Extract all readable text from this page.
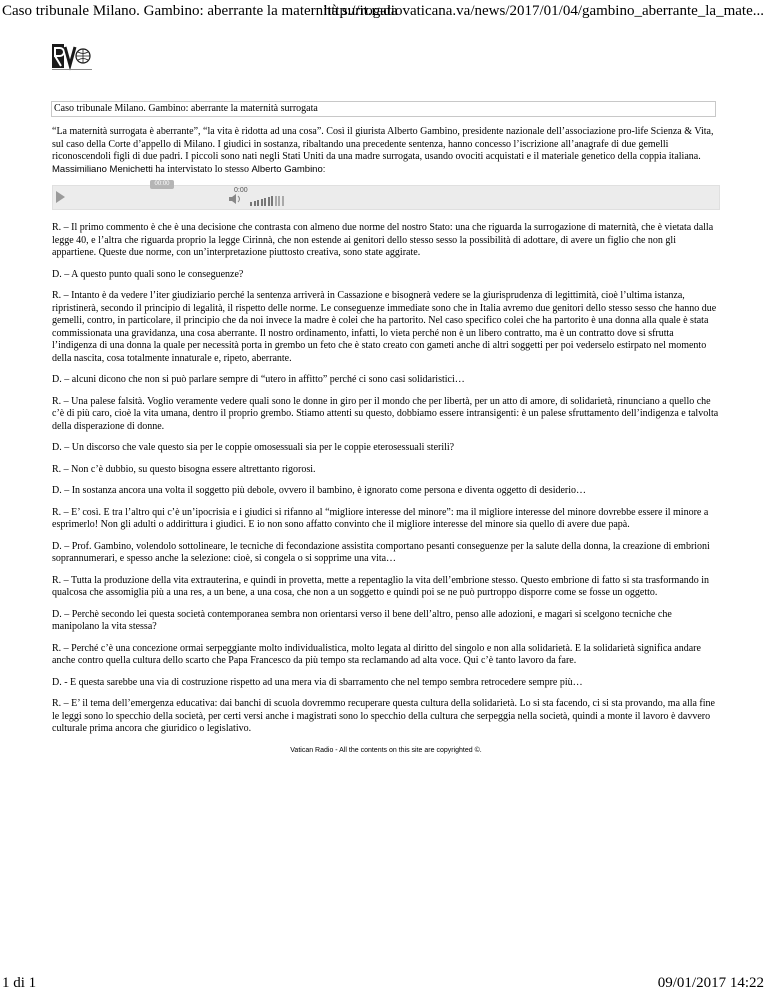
Caso tribunale Milano. Gambino: aberrante la maternità surrogata
http://it.radiovaticana.va/news/2017/01/04/gambino_aberrante_la_mate...
Caso tribunale Milano. Gambino: aberrante la maternità surrogata

“La maternità surrogata è aberrante”, “la vita è ridotta ad una cosa”. Così il giurista Alberto Gambino, presidente nazionale dell’associazione pro-life Scienza & Vita, sul caso della Corte d’appello di Milano. I giudici in sostanza, ribaltando una precedente sentenza, hanno concesso l’iscrizione all’anagrafe di due gemelli riconoscendoli figli di due padri. I piccoli sono nati negli Stati Uniti da una madre surrogata, usando ovociti acquistati e il materiale genetico della coppia italiana. Massimiliano Menichetti ha intervistato lo stesso Alberto Gambino:

00:00
0:00

R. – Il primo commento è che è una decisione che contrasta con almeno due norme del nostro Stato: una che riguarda la surrogazione di maternità, che è vietata dalla legge 40, e l’altra che riguarda proprio la legge Cirinnà, che non estende ai genitori dello stesso sesso la possibilità di adottare, di avere un figlio che non gli appartiene. Queste due norme, con un’interpretazione piuttosto creativa, sono state aggirate.

D. – A questo punto quali sono le conseguenze?

R. – Intanto è da vedere l’iter giudiziario perché la sentenza arriverà in Cassazione e bisognerà vedere se la giurisprudenza di legittimità, cioè l’ultima istanza, ripristinerà, secondo il principio di legalità, il rispetto delle norme. Le conseguenze immediate sono che in Italia avremo due genitori dello stesso sesso che hanno due gemelli, contro, in particolare, il principio che da noi invece la madre è colei che ha partorito. Nel caso specifico colei che ha partorito è una donna alla quale è stata commissionata una gravidanza, una cosa aberrante. Il nostro ordinamento, infatti, lo vieta perché non è un libero contratto, ma è un contratto dove si sfrutta l’indigenza di una donna la quale per necessità porta in grembo un feto che è stato creato con gameti anche di altri soggetti per poi vederselo estirpato nel momento della nascita, cosa totalmente innaturale e, ripeto, aberrante.

D. – alcuni dicono che non si può parlare sempre di “utero in affitto” perché ci sono casi solidaristici…

R. – Una palese falsità. Voglio veramente vedere quali sono le donne in giro per il mondo che per libertà, per un atto di amore, di solidarietà, rinunciano a quello che c’è di più caro, cioè la vita umana, dentro il proprio grembo. Stiamo attenti su questo, dobbiamo essere intransigenti: è un palese sfruttamento dell’indigenza e talvolta della disperazione di donne.

D. – Un discorso che vale questo sia per le coppie omosessuali sia per le coppie eterosessuali sterili?

R. – Non c’è dubbio, su questo bisogna essere altrettanto rigorosi.

D. – In sostanza ancora una volta il soggetto più debole, ovvero il bambino, è ignorato come persona e diventa oggetto di desiderio…

R. – E’ così. E tra l’altro qui c’è un’ipocrisia e i giudici si rifanno al “migliore interesse del minore”: ma il migliore interesse del minore dovrebbe essere il minore a esprimerlo! Non gli adulti o addirittura i giudici. E io non sono affatto convinto che il migliore interesse del minore sia quello di avere due papà.

D. – Prof. Gambino, volendolo sottolineare, le tecniche di fecondazione assistita comportano pesanti conseguenze per la salute della donna, la creazione di embrioni soprannumerari, e spesso anche la selezione: cioè, si congela o si sopprime una vita…

R. – Tutta la produzione della vita extrauterina, e quindi in provetta, mette a repentaglio la vita dell’embrione stesso. Questo embrione di fatto si sta trasformando in qualcosa che assomiglia più a una res, a un bene, a una cosa, che non a un soggetto e quindi poi se ne può purtroppo disporre come se fosse un oggetto.

D. – Perchè secondo lei questa società contemporanea sembra non orientarsi verso il bene dell’altro, penso alle adozioni, e magari si scelgono tecniche che manipolano la vita stessa?

R. – Perché c’è una concezione ormai serpeggiante molto individualistica, molto legata al diritto del singolo e non alla solidarietà. E la solidarietà significa andare anche contro quella cultura dello scarto che Papa Francesco da più tempo sta reclamando ad alta voce. Qui c’è tanto lavoro da fare.

D. - E questa sarebbe una via di costruzione rispetto ad una mera via di sbarramento che nel tempo sembra retrocedere sempre più…

R. – E’ il tema dell’emergenza educativa: dai banchi di scuola dovremmo recuperare questa cultura della solidarietà. Lo si sta facendo, ci si sta provando, ma alla fine le leggi sono lo specchio della società, per certi versi anche i magistrati sono lo specchio della cultura che serpeggia nella società, quindi a monte il lavoro è davvero culturale prima ancora che giuridico o legislativo.

Vatican Radio - All the contents on this site are copyrighted ©.
1 di 1	09/01/2017 14:22
